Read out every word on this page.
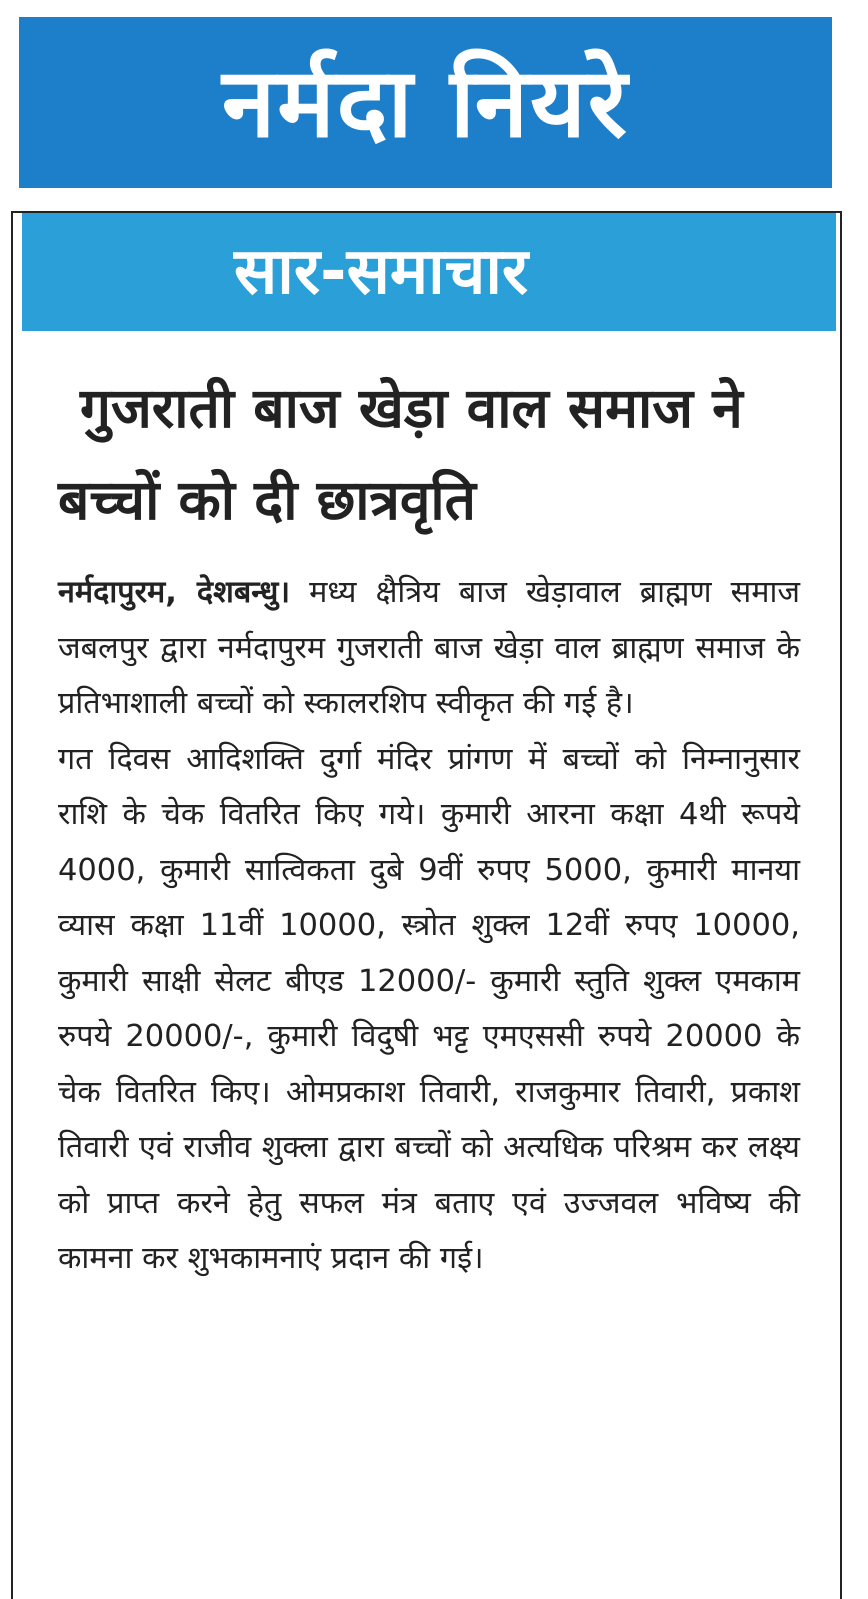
नर्मदा नियरे
सार-समाचार
गुजराती बाज खेड़ा वाल समाज ने
बच्चों को दी छात्रवृति

नर्मदापुरम, देशबन्धु। मध्य क्षैत्रिय बाज खेड़ावाल ब्राह्मण समाज जबलपुर द्वारा नर्मदापुरम गुजराती बाज खेड़ा वाल ब्राह्मण समाज के प्रतिभाशाली बच्चों को स्कालरशिप स्वीकृत की गई है।

गत दिवस आदिशक्ति दुर्गा मंदिर प्रांगण में बच्चों को निम्नानुसार राशि के चेक वितरित किए गये। कुमारी आरना कक्षा 4थी रूपये 4000, कुमारी सात्विकता दुबे 9वीं रुपए 5000, कुमारी मानया व्यास कक्षा 11वीं 10000, स्त्रोत शुक्ल 12वीं रुपए 10000, कुमारी साक्षी सेलट बीएड 12000/- कुमारी स्तुति शुक्ल एमकाम रुपये 20000/-, कुमारी विदुषी भट्ट एमएससी रुपये 20000 के चेक वितरित किए। ओमप्रकाश तिवारी, राजकुमार तिवारी, प्रकाश तिवारी एवं राजीव शुक्ला द्वारा बच्चों को अत्यधिक परिश्रम कर लक्ष्य को प्राप्त करने हेतु सफल मंत्र बताए एवं उज्जवल भविष्य की कामना कर शुभकामनाएं प्रदान की गई।
